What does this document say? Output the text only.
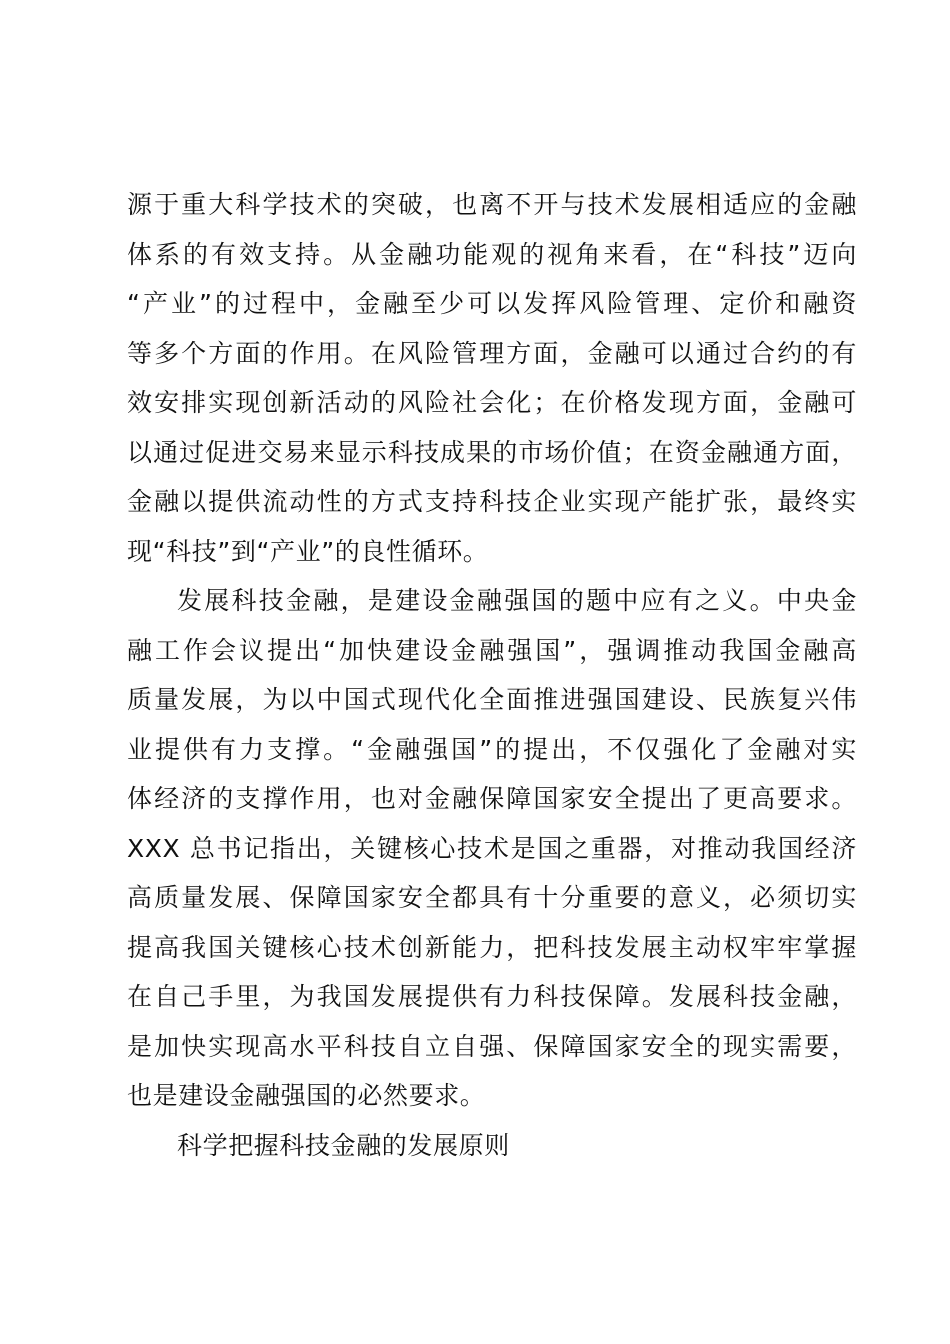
源于重大科学技术的突破，也离不开与技术发展相适应的金融
体系的有效支持。从金融功能观的视角来看，在“科技”迈向
“产业”的过程中，金融至少可以发挥风险管理、定价和融资
等多个方面的作用。在风险管理方面，金融可以通过合约的有
效安排实现创新活动的风险社会化；在价格发现方面，金融可
以通过促进交易来显示科技成果的市场价值；在资金融通方面，
金融以提供流动性的方式支持科技企业实现产能扩张，最终实
现“科技”到“产业”的良性循环。
发展科技金融，是建设金融强国的题中应有之义。中央金
融工作会议提出“加快建设金融强国”，强调推动我国金融高
质量发展，为以中国式现代化全面推进强国建设、民族复兴伟
业提供有力支撑。“金融强国”的提出，不仅强化了金融对实
体经济的支撑作用，也对金融保障国家安全提出了更高要求。
XXX 总书记指出，关键核心技术是国之重器，对推动我国经济
高质量发展、保障国家安全都具有十分重要的意义，必须切实
提高我国关键核心技术创新能力，把科技发展主动权牢牢掌握
在自己手里，为我国发展提供有力科技保障。发展科技金融，
是加快实现高水平科技自立自强、保障国家安全的现实需要，
也是建设金融强国的必然要求。
科学把握科技金融的发展原则
